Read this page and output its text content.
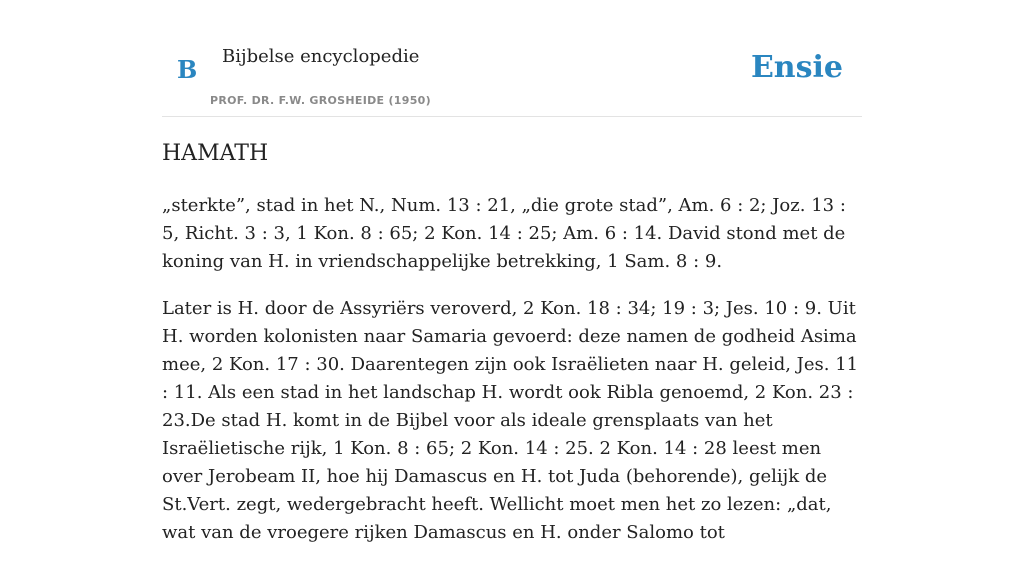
B Bijbelse encyclopedie
PROF. DR. F.W. GROSHEIDE (1950)
Ensie
HAMATH

„sterkte”, stad in het N., Num. 13 : 21, „die grote stad”, Am. 6 : 2; Joz. 13 : 5, Richt. 3 : 3, 1 Kon. 8 : 65; 2 Kon. 14 : 25; Am. 6 : 14. David stond met de koning van H. in vriendschappelijke betrekking, 1 Sam. 8 : 9.

Later is H. door de Assyriërs veroverd, 2 Kon. 18 : 34; 19 : 3; Jes. 10 : 9. Uit H. worden kolonisten naar Samaria gevoerd: deze namen de godheid Asima mee, 2 Kon. 17 : 30. Daarentegen zijn ook Israëlieten naar H. geleid, Jes. 11 : 11. Als een stad in het landschap H. wordt ook Ribla genoemd, 2 Kon. 23 : 23.De stad H. komt in de Bijbel voor als ideale grensplaats van het Israëlietische rijk, 1 Kon. 8 : 65; 2 Kon. 14 : 25. 2 Kon. 14 : 28 leest men over Jerobeam II, hoe hij Damascus en H. tot Juda (behorende), gelijk de St.Vert. zegt, wedergebracht heeft. Wellicht moet men het zo lezen: „dat, wat van de vroegere rijken Damascus en H. onder Salomo tot
